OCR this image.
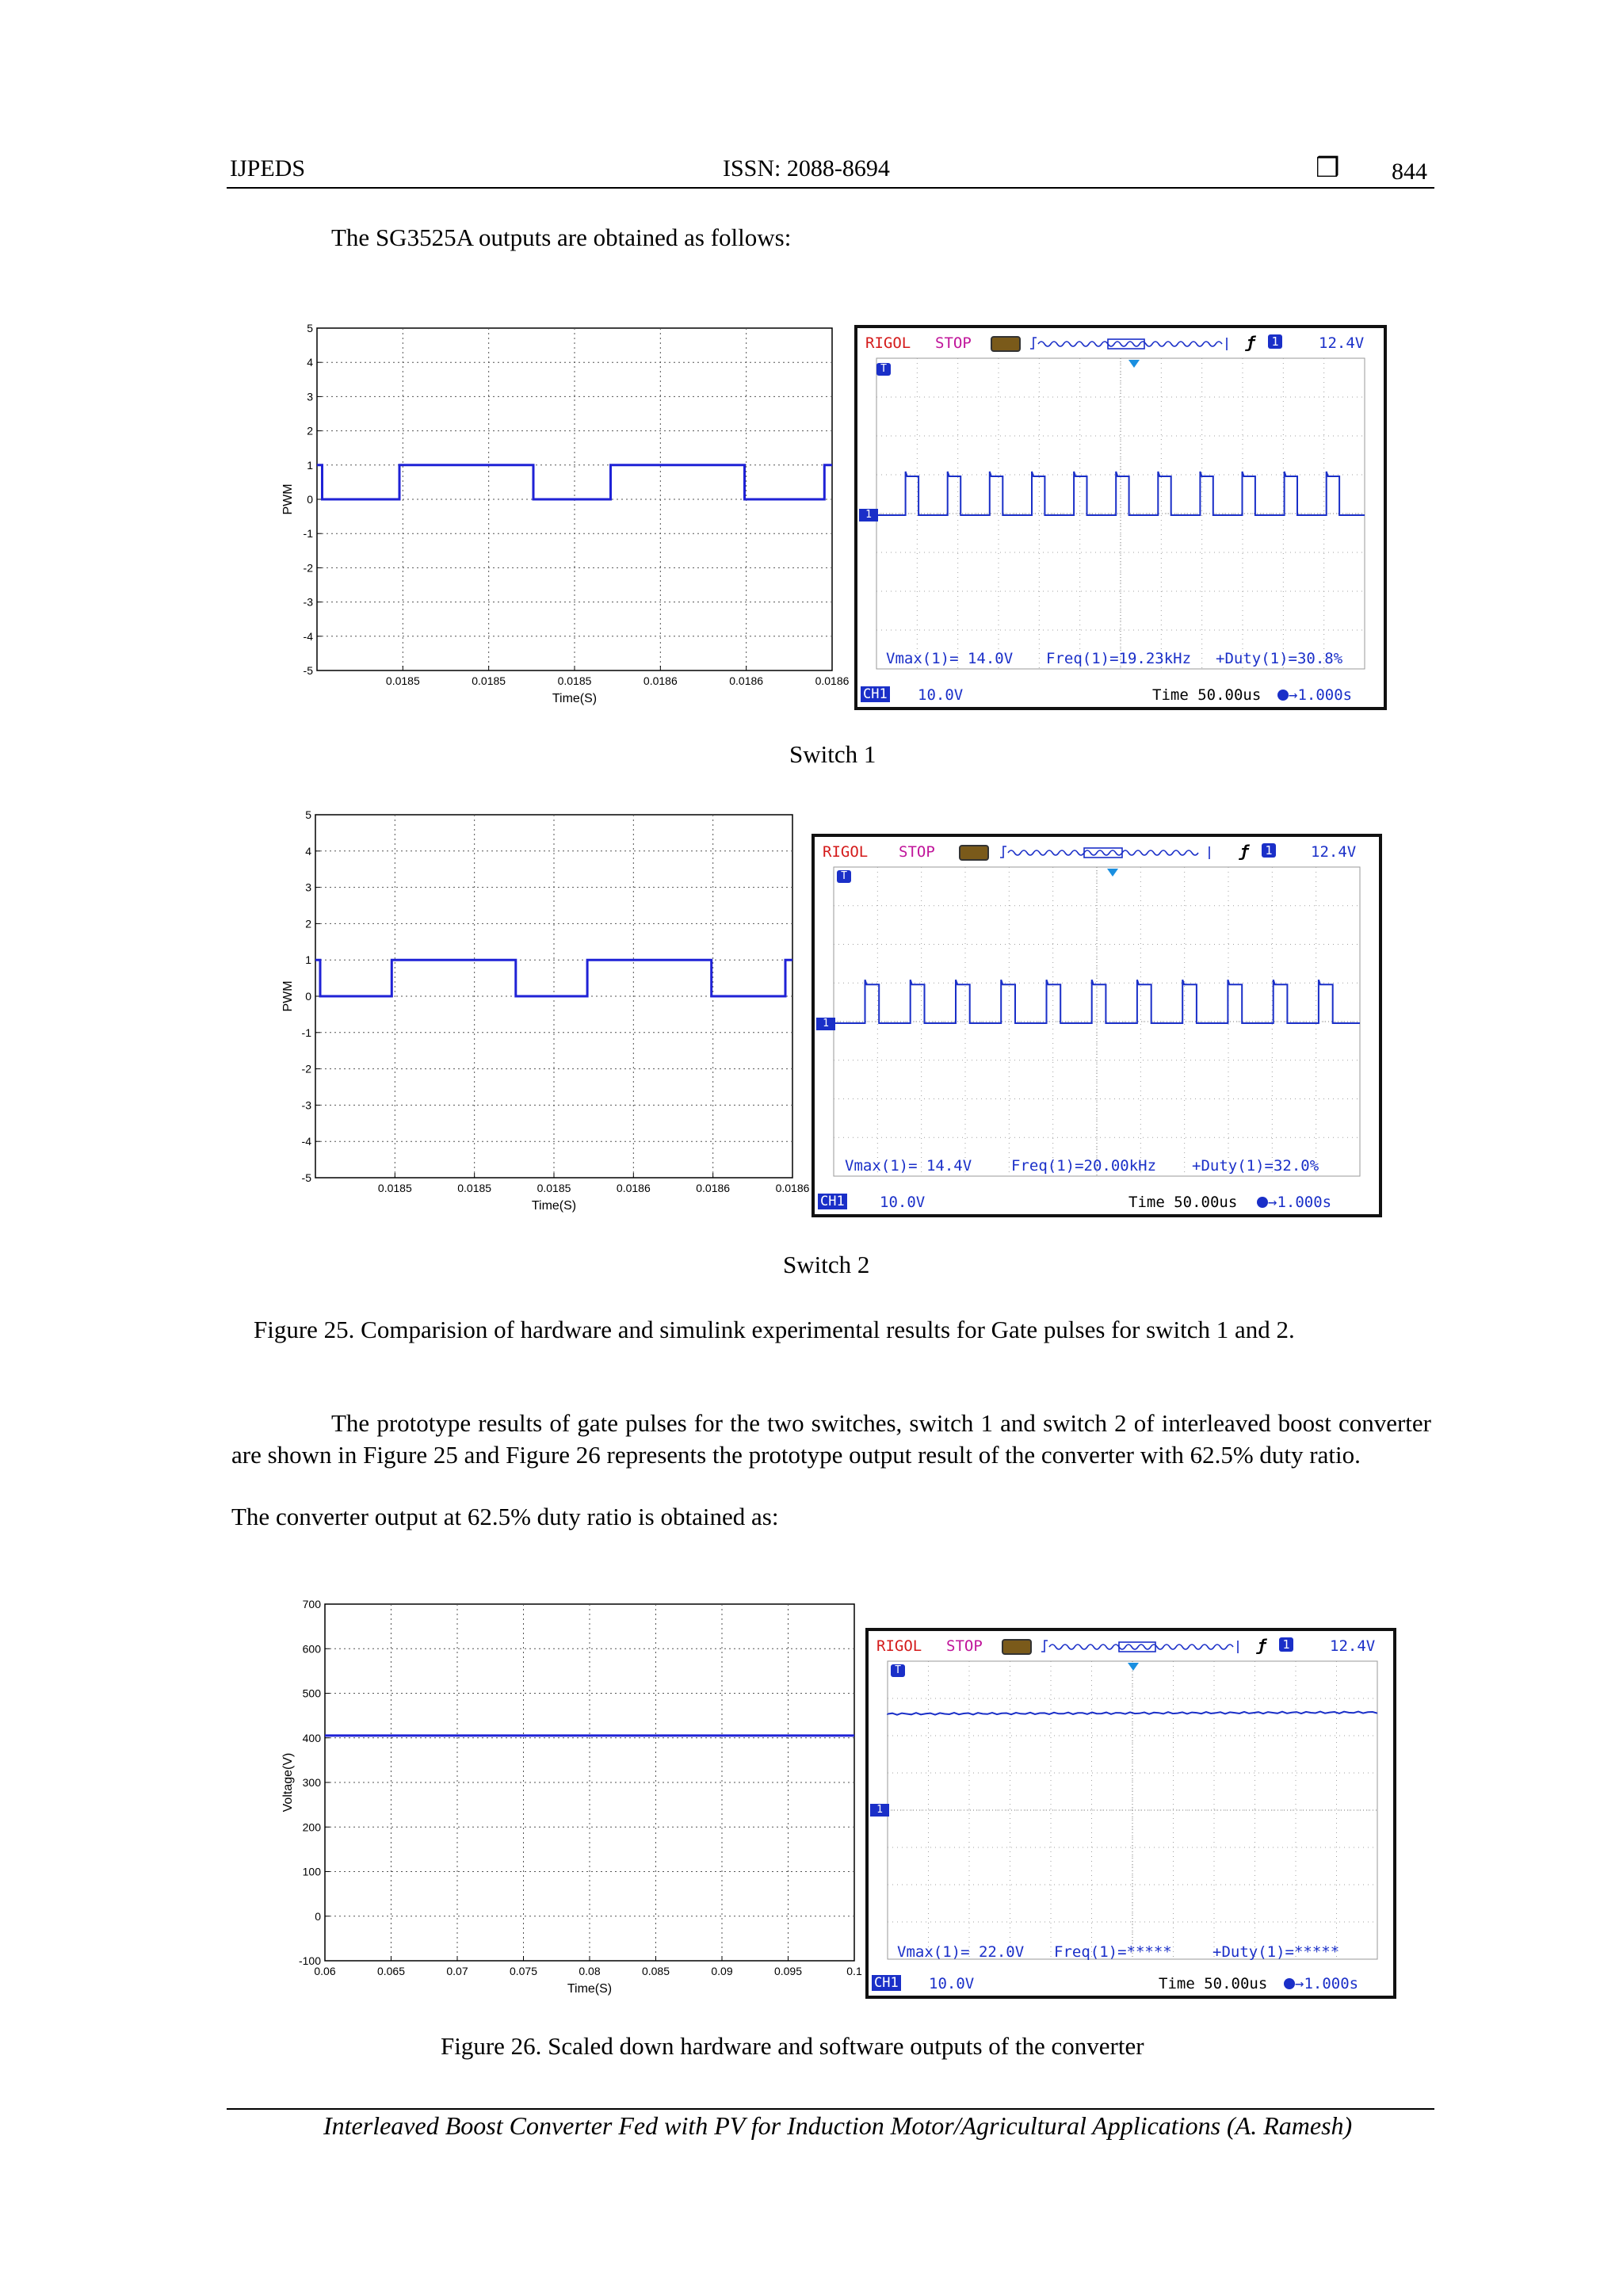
IJPEDS	ISSN: 2088-8694	❒ 844
The SG3525A outputs are obtained as follows:
5
4
3
2
1
0
-1
-2
-3
-4
-5
0.0185	0.0185	0.0185	0.0186	0.0186	0.0186
Time(S)
PWM
RIGOL STOP	ƒ 1	12.4V
T
1
Vmax(1)= 14.0V Freq(1)=19.23kHz +Duty(1)=30.8%
CH1 10.0V	Time 50.00us	→1.000s
Switch 1
5
4
3
2
1
0
-1
-2
-3
-4
-5
0.0185	0.0185	0.0185	0.0186	0.0186	0.0186
Time(S)
PWM
RIGOL STOP	ƒ 1	12.4V
T
1
Vmax(1)= 14.4V	Freq(1)=20.00kHz +Duty(1)=32.0%
CH1 10.0V	Time 50.00us	→1.000s
Switch 2
Figure 25. Comparision of hardware and simulink experimental results for Gate pulses for switch 1 and 2.
The prototype results of gate pulses for the two switches, switch 1 and switch 2 of interleaved boost converter are shown in Figure 25 and Figure 26 represents the prototype output result of the converter with 62.5% duty ratio.
The converter output at 62.5% duty ratio is obtained as:
700
600
500
400
300
200
100
0
-100
0.06	0.065	0.07	0.075	0.08	0.085	0.09	0.095	0.1
Time(S)
Voltage(V)
RIGOL STOP	ƒ 1	12.4V
T
1
Vmax(1)= 22.0V Freq(1)=*****	+Duty(1)=*****
CH1 10.0V	Time 50.00us	→1.000s
Figure 26. Scaled down hardware and software outputs of the converter
Interleaved Boost Converter Fed with PV for Induction Motor/Agricultural Applications (A. Ramesh)
